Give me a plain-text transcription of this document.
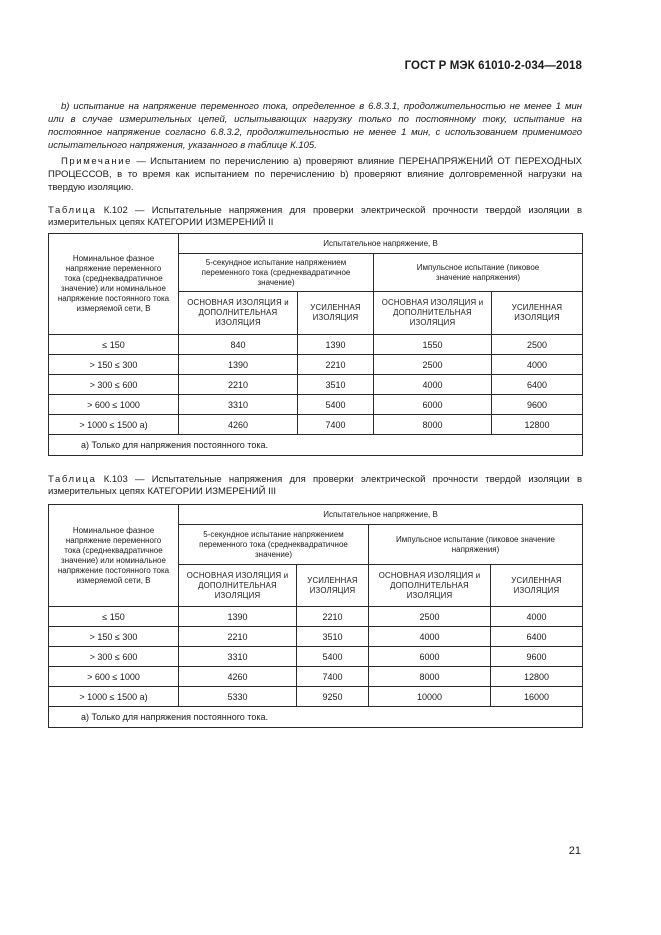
ГОСТ Р МЭК 61010-2-034—2018

b) испытание на напряжение переменного тока, определенное в 6.8.3.1, продолжительностью не менее 1 мин или в случае измерительных цепей, испытывающих нагрузку только по постоянному току, испытание на постоянное напряжение согласно 6.8.3.2, продолжительностью не менее 1 мин, с использованием применимого испытательного напряжения, указанного в таблице К.105.

Примечание — Испытанием по перечислению а) проверяют влияние ПЕРЕНАПРЯЖЕНИЙ ОТ ПЕРЕХОДНЫХ ПРОЦЕССОВ, в то время как испытанием по перечислению b) проверяют влияние долговременной нагрузки на твердую изоляцию.

Таблица К.102 — Испытательные напряжения для проверки электрической прочности твердой изоляции в измерительных цепях КАТЕГОРИИ ИЗМЕРЕНИЙ II
Номинальное фазное напряжение переменного тока (среднеквадратичное значение) или номинальное напряжение постоянного тока измеряемой сети, В	Испытательное напряжение, В			
	5-секундное испытание напряжением переменного тока (среднеквадратичное значение)		Импульсное испытание (пиковое значение напряжения)	
	ОСНОВНАЯ ИЗОЛЯЦИЯ и ДОПОЛНИТЕЛЬНАЯ ИЗОЛЯЦИЯ	УСИЛЕННАЯ ИЗОЛЯЦИЯ	ОСНОВНАЯ ИЗОЛЯЦИЯ и ДОПОЛНИТЕЛЬНАЯ ИЗОЛЯЦИЯ	УСИЛЕННАЯ ИЗОЛЯЦИЯ
≤ 150	840	1390	1550	2500
> 150 ≤ 300	1390	2210	2500	4000
> 300 ≤ 600	2210	3510	4000	6400
> 600 ≤ 1000	3310	5400	6000	9600
> 1000 ≤ 1500 а)	4260	7400	8000	12800
а) Только для напряжения постоянного тока.				
Таблица К.103 — Испытательные напряжения для проверки электрической прочности твердой изоляции в измерительных цепях КАТЕГОРИИ ИЗМЕРЕНИЙ III
Номинальное фазное напряжение переменного тока (среднеквадратичное значение) или номинальное напряжение постоянного тока измеряемой сети, В	Испытательное напряжение, В			
	5-секундное испытание напряжением переменного тока (среднеквадратичное значение)		Импульсное испытание (пиковое значение напряжения)	
	ОСНОВНАЯ ИЗОЛЯЦИЯ и ДОПОЛНИТЕЛЬНАЯ ИЗОЛЯЦИЯ	УСИЛЕННАЯ ИЗОЛЯЦИЯ	ОСНОВНАЯ ИЗОЛЯЦИЯ и ДОПОЛНИТЕЛЬНАЯ ИЗОЛЯЦИЯ	УСИЛЕННАЯ ИЗОЛЯЦИЯ
≤ 150	1390	2210	2500	4000
> 150 ≤ 300	2210	3510	4000	6400
> 300 ≤ 600	3310	5400	6000	9600
> 600 ≤ 1000	4260	7400	8000	12800
> 1000 ≤ 1500 а)	5330	9250	10000	16000
а) Только для напряжения постоянного тока.				
21
